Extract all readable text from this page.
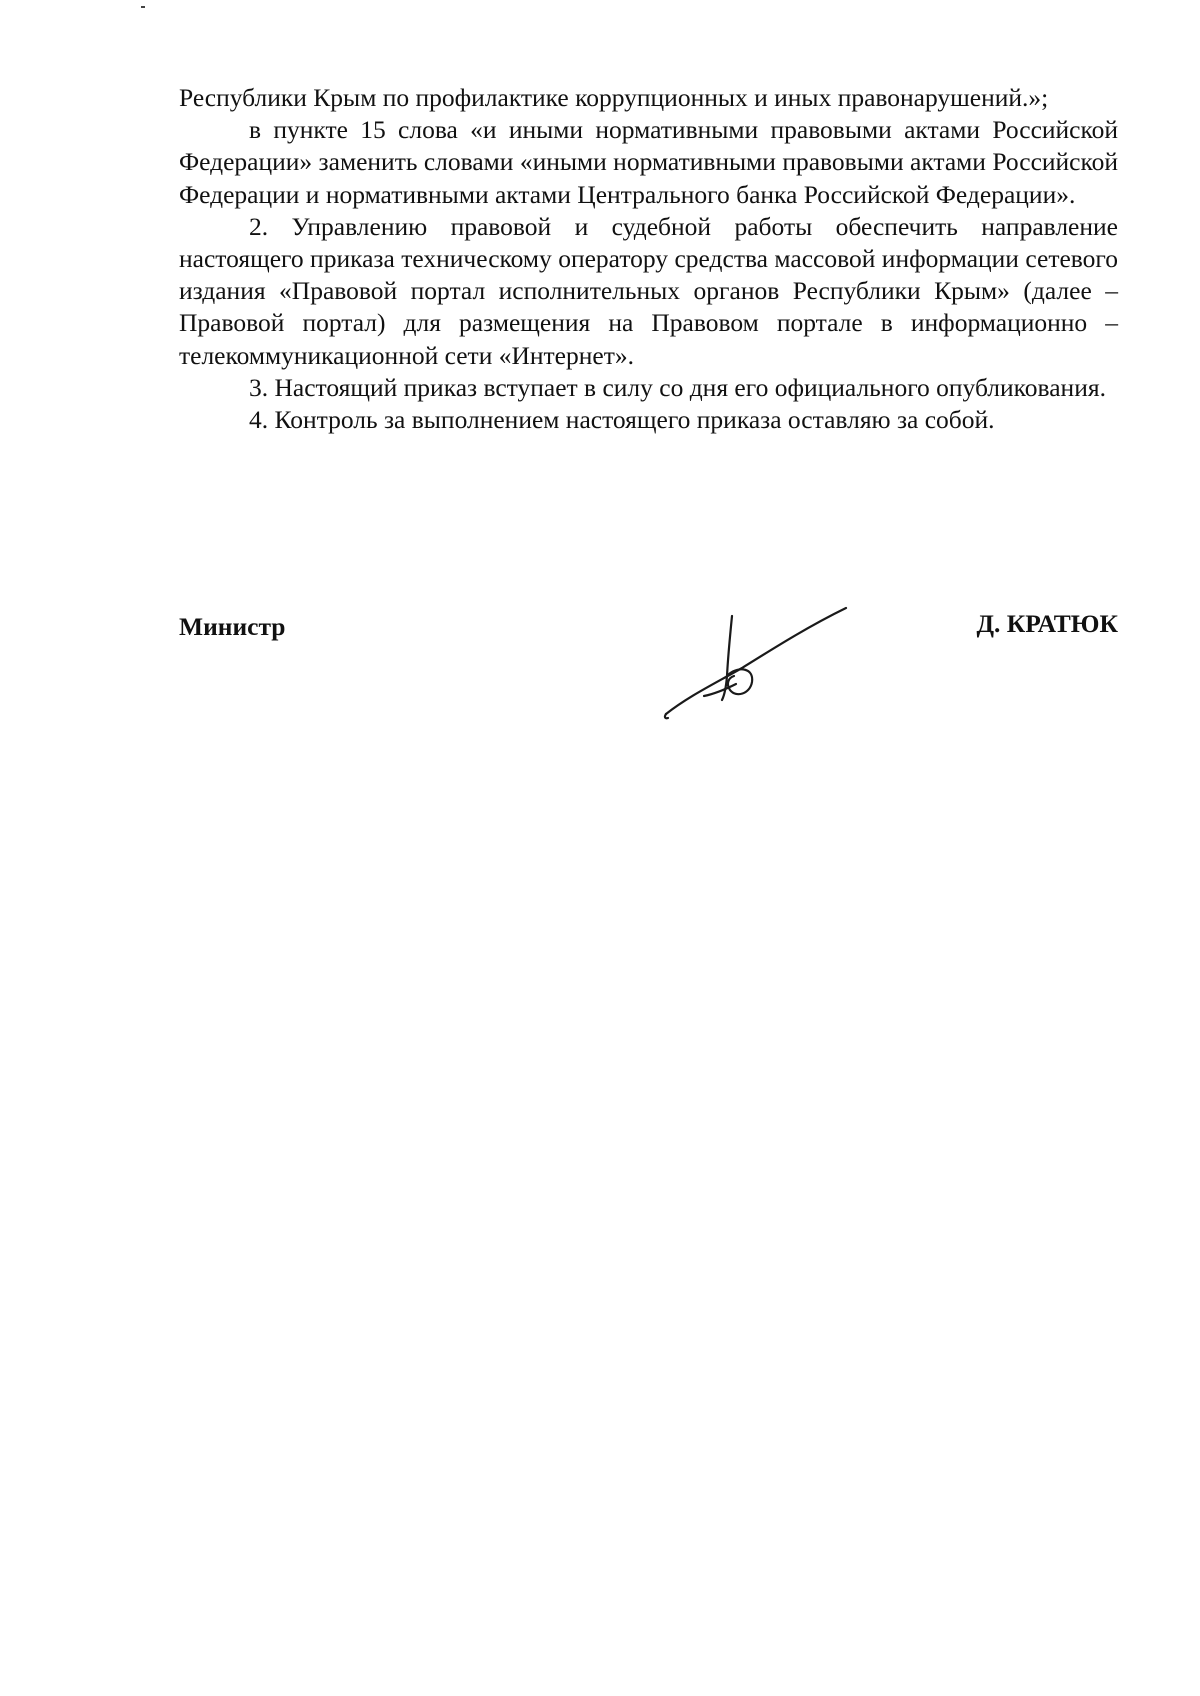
Республики Крым по профилактике коррупционных и иных правонарушений.»;

в пункте 15 слова «и иными нормативными правовыми актами Российской Федерации» заменить словами «иными нормативными правовыми актами Российской Федерации и нормативными актами Центрального банка Российской Федерации».

2. Управлению правовой и судебной работы обеспечить направление настоящего приказа техническому оператору средства массовой информации сетевого издания «Правовой портал исполнительных органов Республики Крым» (далее – Правовой портал) для размещения на Правовом портале в информационно – телекоммуникационной сети «Интернет».

3. Настоящий приказ вступает в силу со дня его официального опубликования.

4. Контроль за выполнением настоящего приказа оставляю за собой.

Министр	Д. КРАТЮК
